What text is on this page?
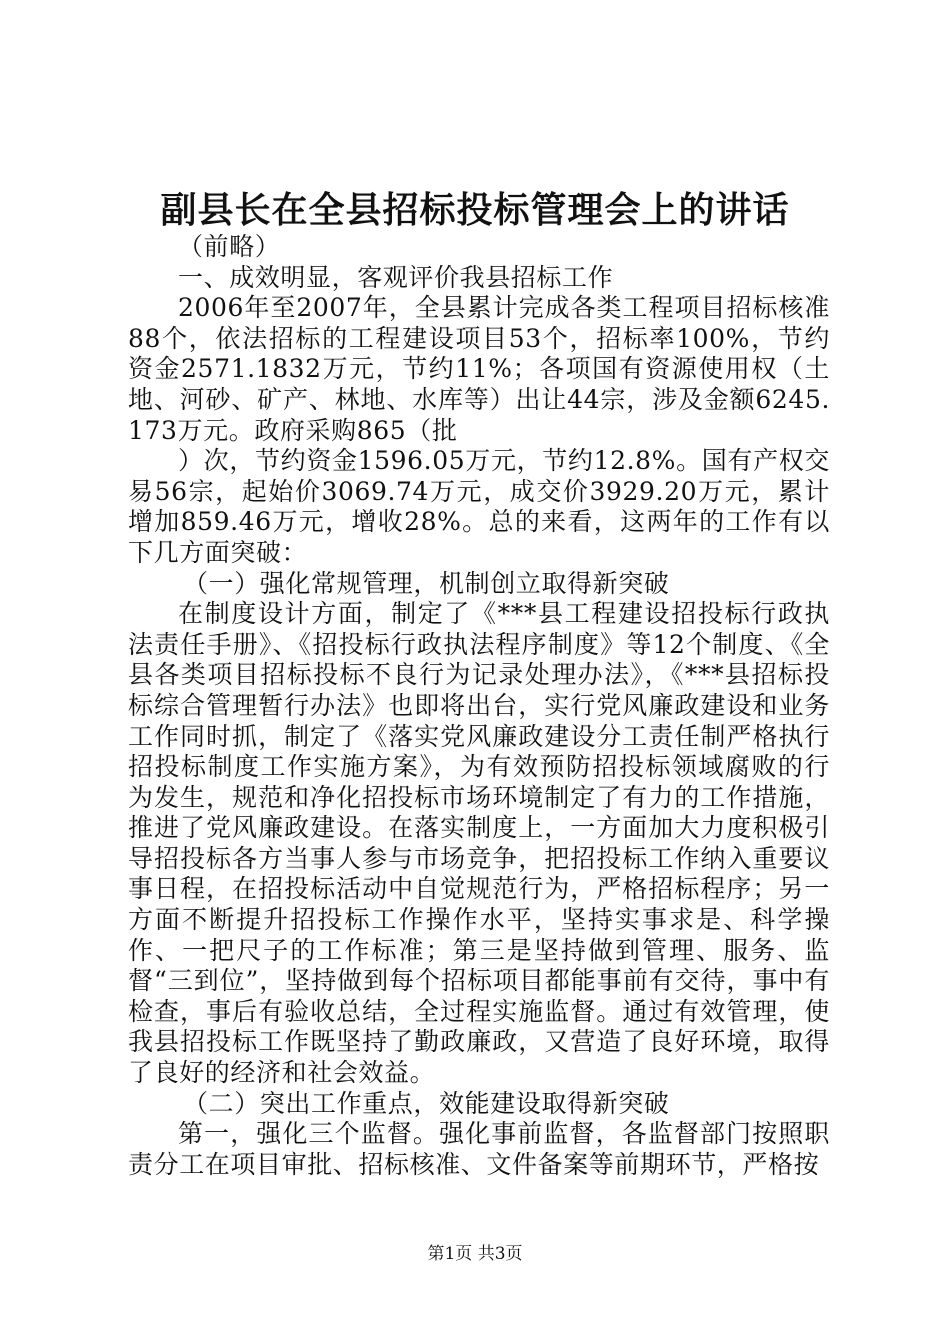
副县长在全县招标投标管理会上的讲话

（前略）

一、成效明显，客观评价我县招标工作

2006年至2007年，全县累计完成各类工程项目招标核准88个，依法招标的工程建设项目53个，招标率100%，节约资金2571.1832万元，节约11%；各项国有资源使用权（土地、河砂、矿产、林地、水库等）出让44宗，涉及金额6245.173万元。政府采购865（批

）次，节约资金1596.05万元，节约12.8%。国有产权交易56宗，起始价3069.74万元，成交价3929.20万元，累计增加859.46万元，增收28%。总的来看，这两年的工作有以下几方面突破：

（一）强化常规管理，机制创立取得新突破

在制度设计方面，制定了《***县工程建设招投标行政执法责任手册》、《招投标行政执法程序制度》等12个制度、《全县各类项目招标投标不良行为记录处理办法》，《***县招标投标综合管理暂行办法》也即将出台，实行党风廉政建设和业务工作同时抓，制定了《落实党风廉政建设分工责任制严格执行招投标制度工作实施方案》，为有效预防招投标领域腐败的行为发生，规范和净化招投标市场环境制定了有力的工作措施，推进了党风廉政建设。在落实制度上，一方面加大力度积极引导招投标各方当事人参与市场竞争，把招投标工作纳入重要议事日程，在招投标活动中自觉规范行为，严格招标程序；另一方面不断提升招投标工作操作水平，坚持实事求是、科学操作、一把尺子的工作标准；第三是坚持做到管理、服务、监督“三到位”，坚持做到每个招标项目都能事前有交待，事中有检查，事后有验收总结，全过程实施监督。通过有效管理，使我县招投标工作既坚持了勤政廉政，又营造了良好环境，取得了良好的经济和社会效益。

（二）突出工作重点，效能建设取得新突破

第一，强化三个监督。强化事前监督，各监督部门按照职责分工在项目审批、招标核准、文件备案等前期环节，严格按

第1页 共3页
